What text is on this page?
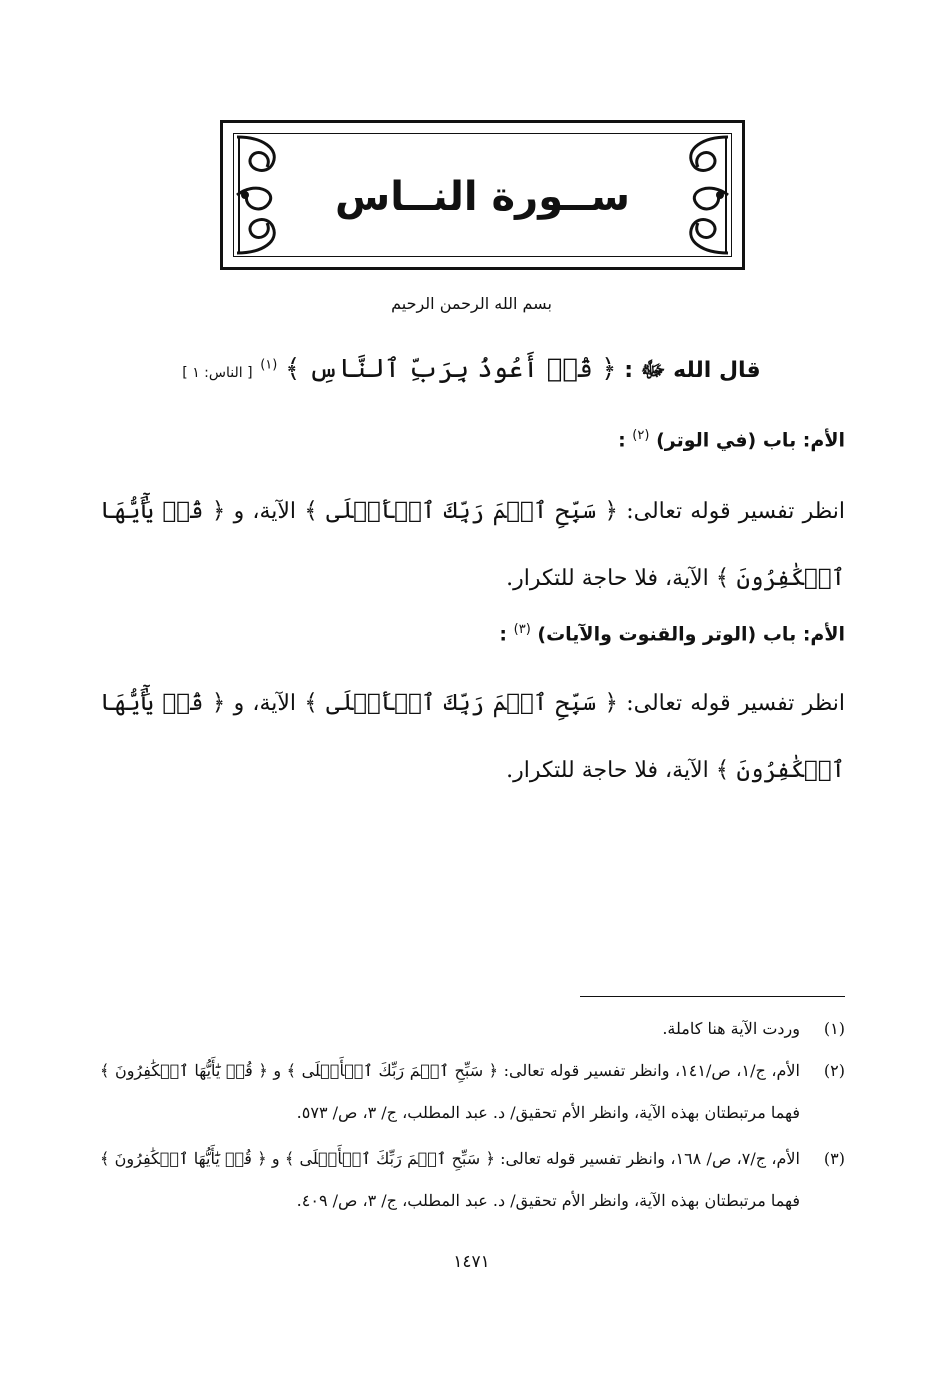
ســورة النــاس
بسم الله الرحمن الرحيم
قال الله ﷻ : ﴿ قُلۡ أَعُوذُ بِرَبِّ ٱلنَّاسِ ﴾ $^{(١)}$ [ الناس: ١ ]
الأم: باب (في الوتر) $^{(٢)}$ :
انظر تفسير قوله تعالى: ﴿ سَبِّحِ ٱسۡمَ رَبِّكَ ٱلۡأَعۡلَى ﴾ الآية، و ﴿ قُلۡ يَٰٓأَيُّهَا ٱلۡكَٰفِرُونَ ﴾ الآية، فلا حاجة للتكرار.
الأم: باب (الوتر والقنوت والآيات) $^{(٣)}$ :
انظر تفسير قوله تعالى: ﴿ سَبِّحِ ٱسۡمَ رَبِّكَ ٱلۡأَعۡلَى ﴾ الآية، و ﴿ قُلۡ يَٰٓأَيُّهَا ٱلۡكَٰفِرُونَ ﴾ الآية، فلا حاجة للتكرار.
(١)
وردت الآية هنا كاملة.
(٢)
الأم، ج/١، ص/١٤١، وانظر تفسير قوله تعالى: ﴿ سَبِّحِ ٱسۡمَ رَبِّكَ ٱلۡأَعۡلَى ﴾ و ﴿ قُلۡ يَٰٓأَيُّهَا ٱلۡكَٰفِرُونَ ﴾ فهما مرتبطتان بهذه الآية، وانظر الأم تحقيق/ د. عبد المطلب، ج/ ٣، ص/ ٥٧٣.
(٣)
الأم، ج/٧، ص/ ١٦٨، وانظر تفسير قوله تعالى: ﴿ سَبِّحِ ٱسۡمَ رَبِّكَ ٱلۡأَعۡلَى ﴾ و ﴿ قُلۡ يَٰٓأَيُّهَا ٱلۡكَٰفِرُونَ ﴾ فهما مرتبطتان بهذه الآية، وانظر الأم تحقيق/ د. عبد المطلب، ج/ ٣، ص/ ٤٠٩.
١٤٧١
